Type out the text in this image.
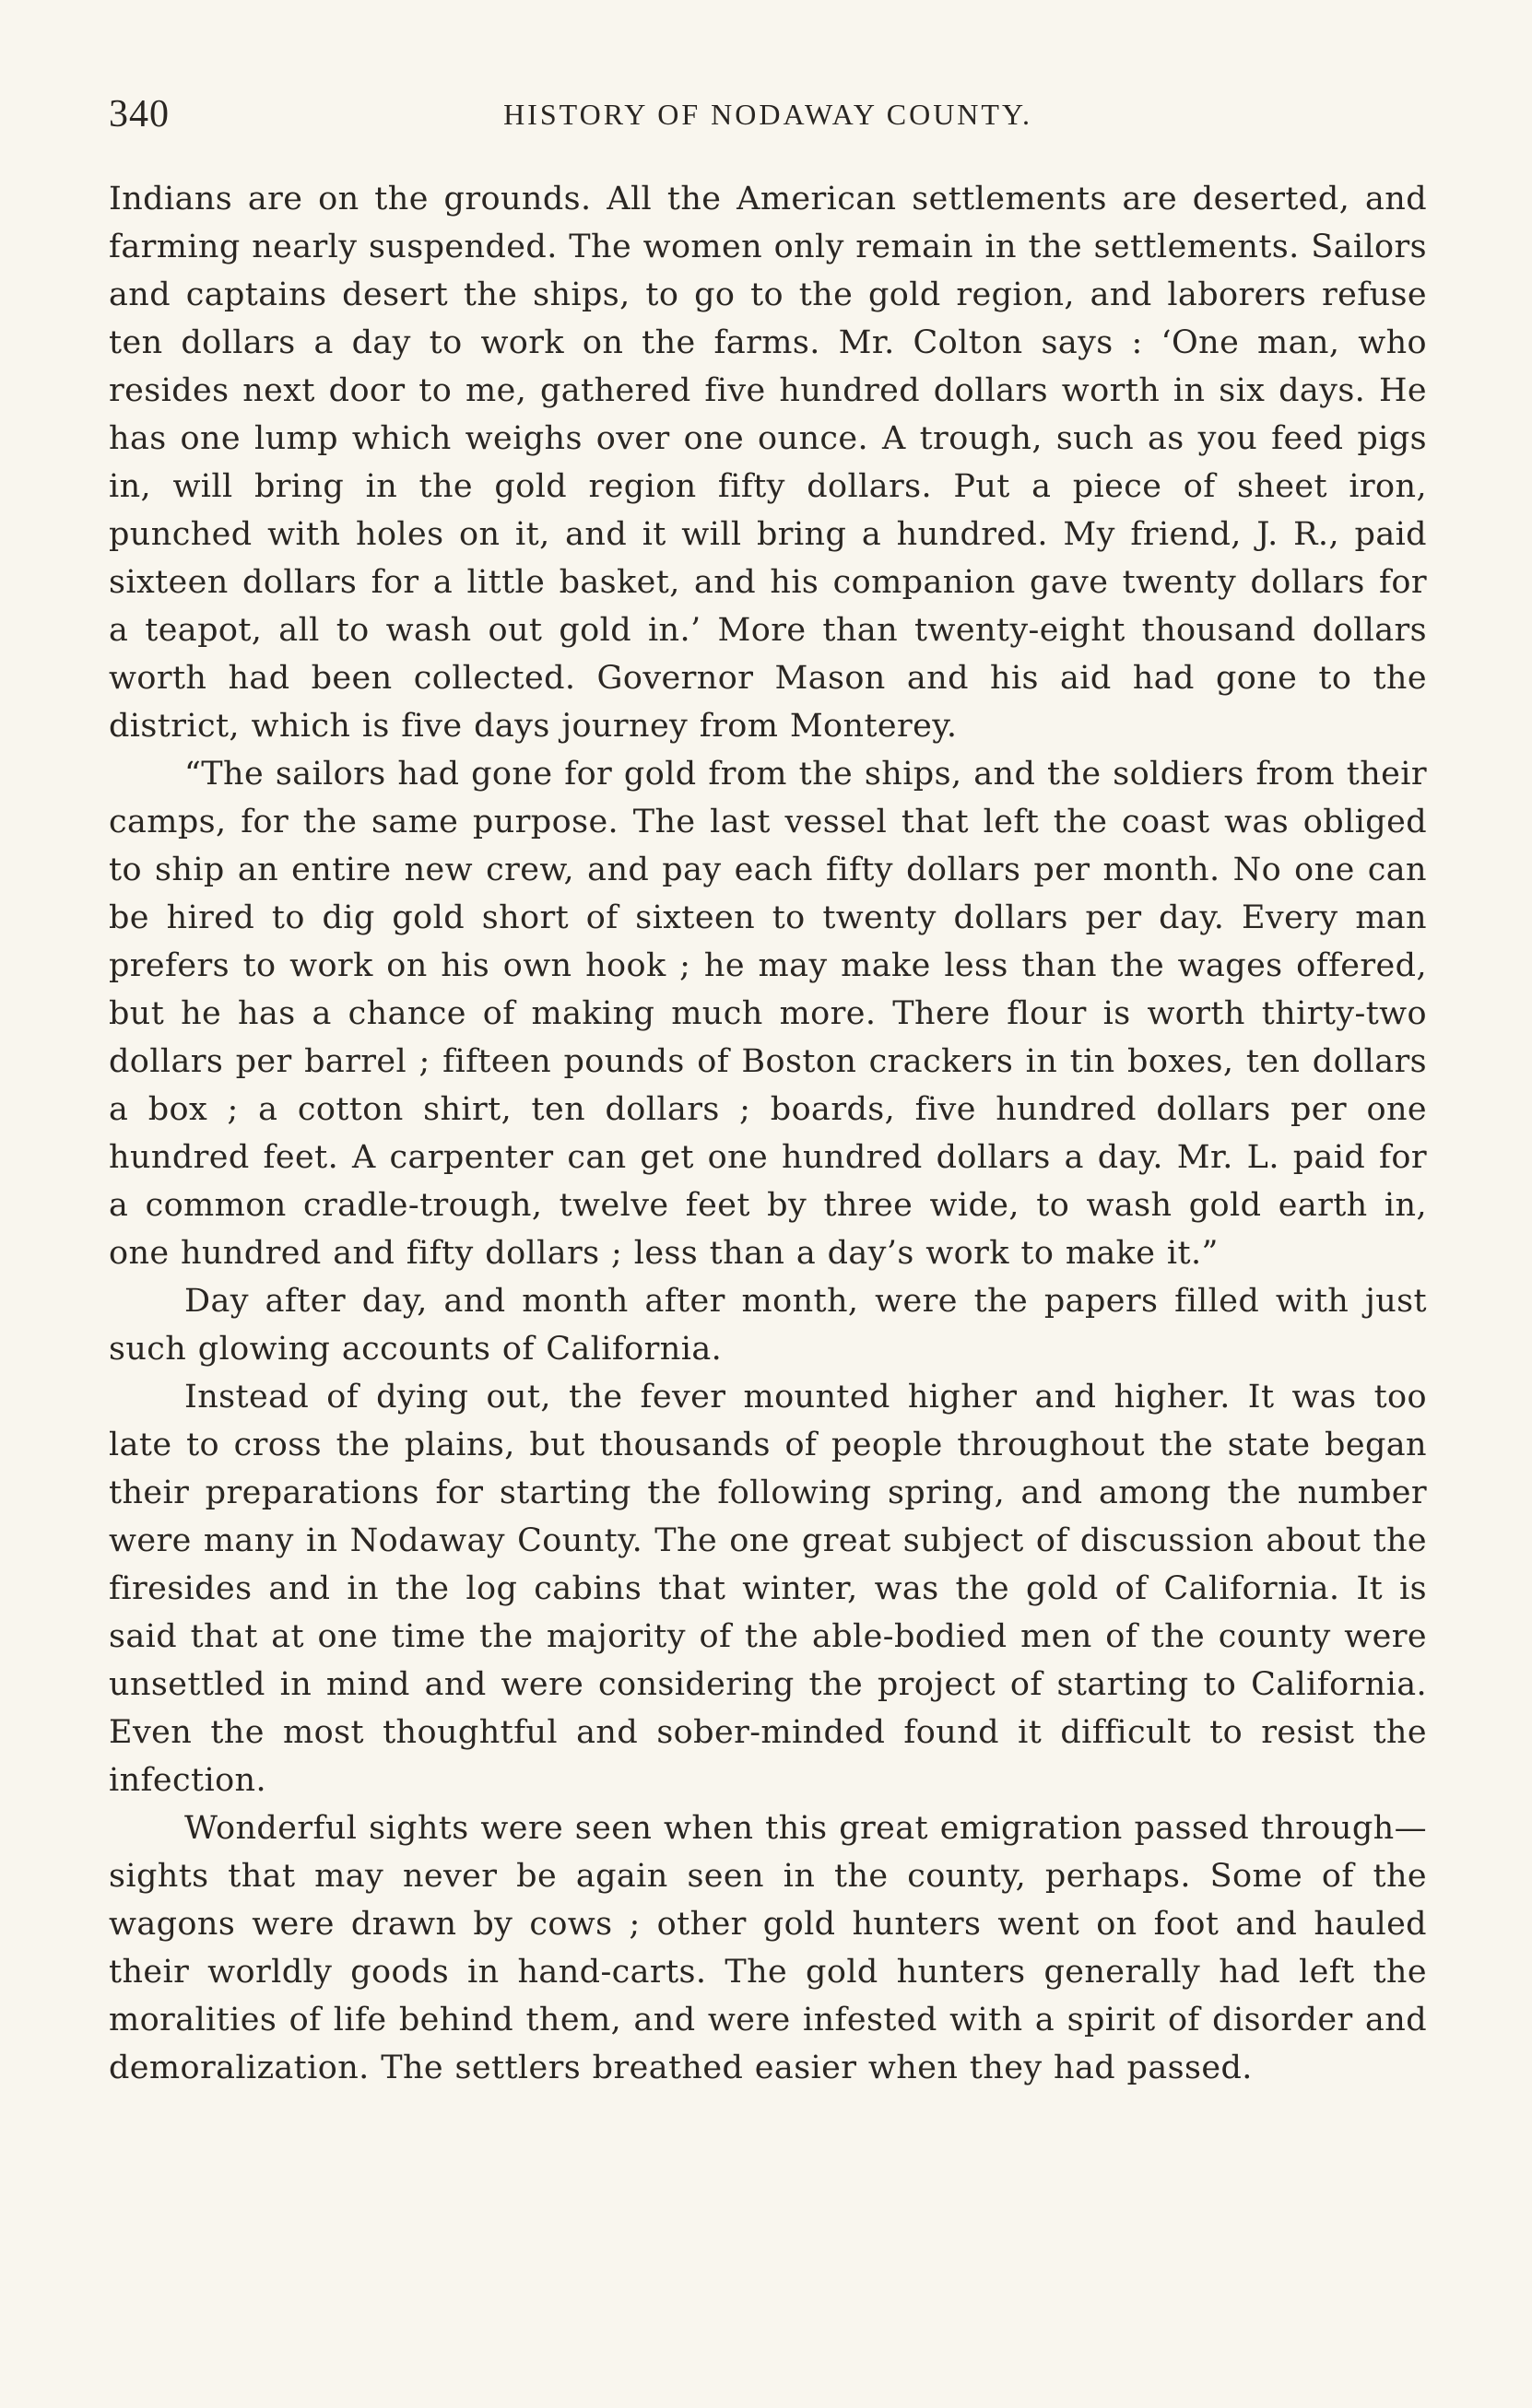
340	HISTORY OF NODAWAY COUNTY.

Indians are on the grounds. All the American settlements are deserted, and farming nearly suspended. The women only remain in the settlements. Sailors and captains desert the ships, to go to the gold region, and laborers refuse ten dollars a day to work on the farms. Mr. Colton says : ‘One man, who resides next door to me, gathered five hundred dollars worth in six days. He has one lump which weighs over one ounce. A trough, such as you feed pigs in, will bring in the gold region fifty dollars. Put a piece of sheet iron, punched with holes on it, and it will bring a hundred. My friend, J. R., paid sixteen dollars for a little basket, and his companion gave twenty dollars for a teapot, all to wash out gold in.’ More than twenty-eight thousand dollars worth had been collected. Governor Mason and his aid had gone to the district, which is five days journey from Monterey.

“The sailors had gone for gold from the ships, and the soldiers from their camps, for the same purpose. The last vessel that left the coast was obliged to ship an entire new crew, and pay each fifty dollars per month. No one can be hired to dig gold short of sixteen to twenty dollars per day. Every man prefers to work on his own hook ; he may make less than the wages offered, but he has a chance of making much more. There flour is worth thirty-two dollars per barrel ; fifteen pounds of Boston crackers in tin boxes, ten dollars a box ; a cotton shirt, ten dollars ; boards, five hundred dollars per one hundred feet. A carpenter can get one hundred dollars a day. Mr. L. paid for a common cradle-trough, twelve feet by three wide, to wash gold earth in, one hundred and fifty dollars ; less than a day’s work to make it.”

Day after day, and month after month, were the papers filled with just such glowing accounts of California.

Instead of dying out, the fever mounted higher and higher. It was too late to cross the plains, but thousands of people throughout the state began their preparations for starting the following spring, and among the number were many in Nodaway County. The one great subject of discussion about the firesides and in the log cabins that winter, was the gold of California. It is said that at one time the majority of the able-bodied men of the county were unsettled in mind and were considering the project of starting to California. Even the most thoughtful and sober-minded found it difficult to resist the infection.

Wonderful sights were seen when this great emigration passed through—sights that may never be again seen in the county, perhaps. Some of the wagons were drawn by cows ; other gold hunters went on foot and hauled their worldly goods in hand-carts. The gold hunters generally had left the moralities of life behind them, and were infested with a spirit of disorder and demoralization. The settlers breathed easier when they had passed.
